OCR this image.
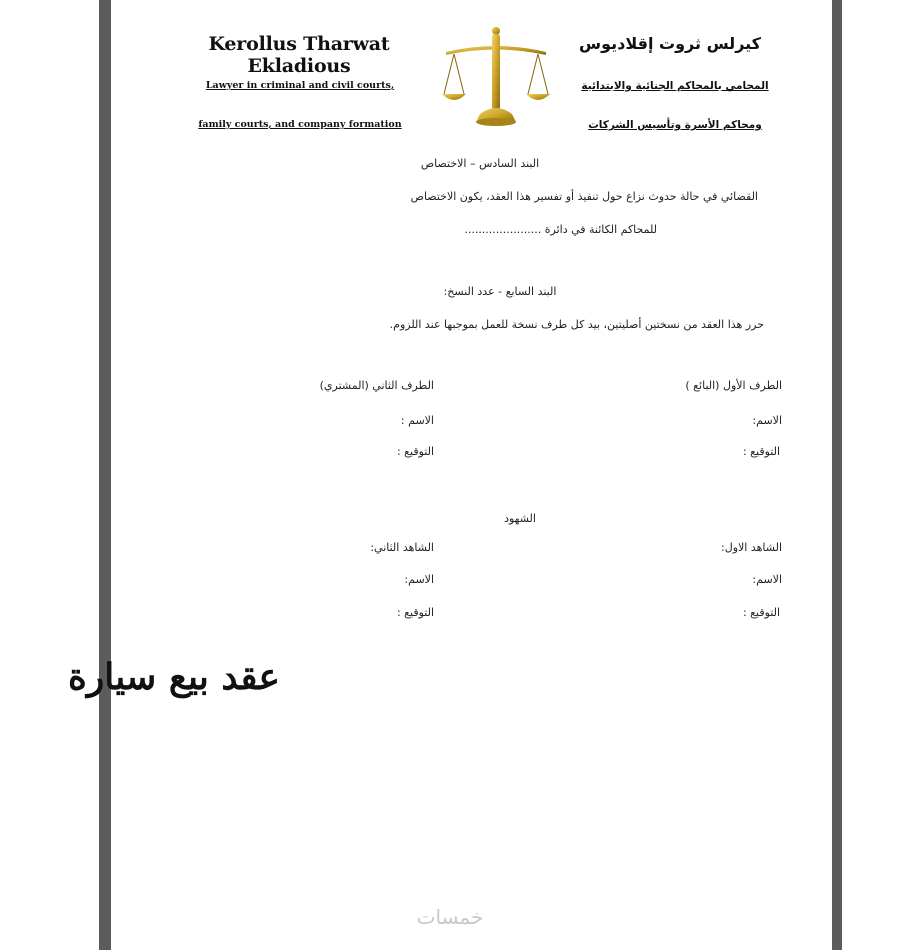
Kerollus Tharwat Ekladious
Lawyer in criminal and civil courts,
family courts, and company formation
كيرلس ثروت إقلاديوس
المحامي بالمحاكم الجنائية والابتدائية
ومحاكم الأسرة وتأسيس الشركات
البند السادس – الاختصاص
القضائي في حالة حدوث نزاع حول تنفيذ أو تفسير هذا العقد، يكون الاختصاص
للمحاكم الكائنة في دائرة ......................
البند السابع - عدد النسخ:
حرر هذا العقد من نسختين أصليتين، بيد كل طرف نسخة للعمل بموجبها عند اللزوم.
الطرف الأول (البائع )
الاسم:
التوقيع :
الطرف الثاني (المشتري)
الاسم :
التوقيع :
الشهود
الشاهد الاول:
الاسم:
التوقيع :
الشاهد الثاني:
الاسم:
التوقيع :
عقد بيع سيارة
خمسات
